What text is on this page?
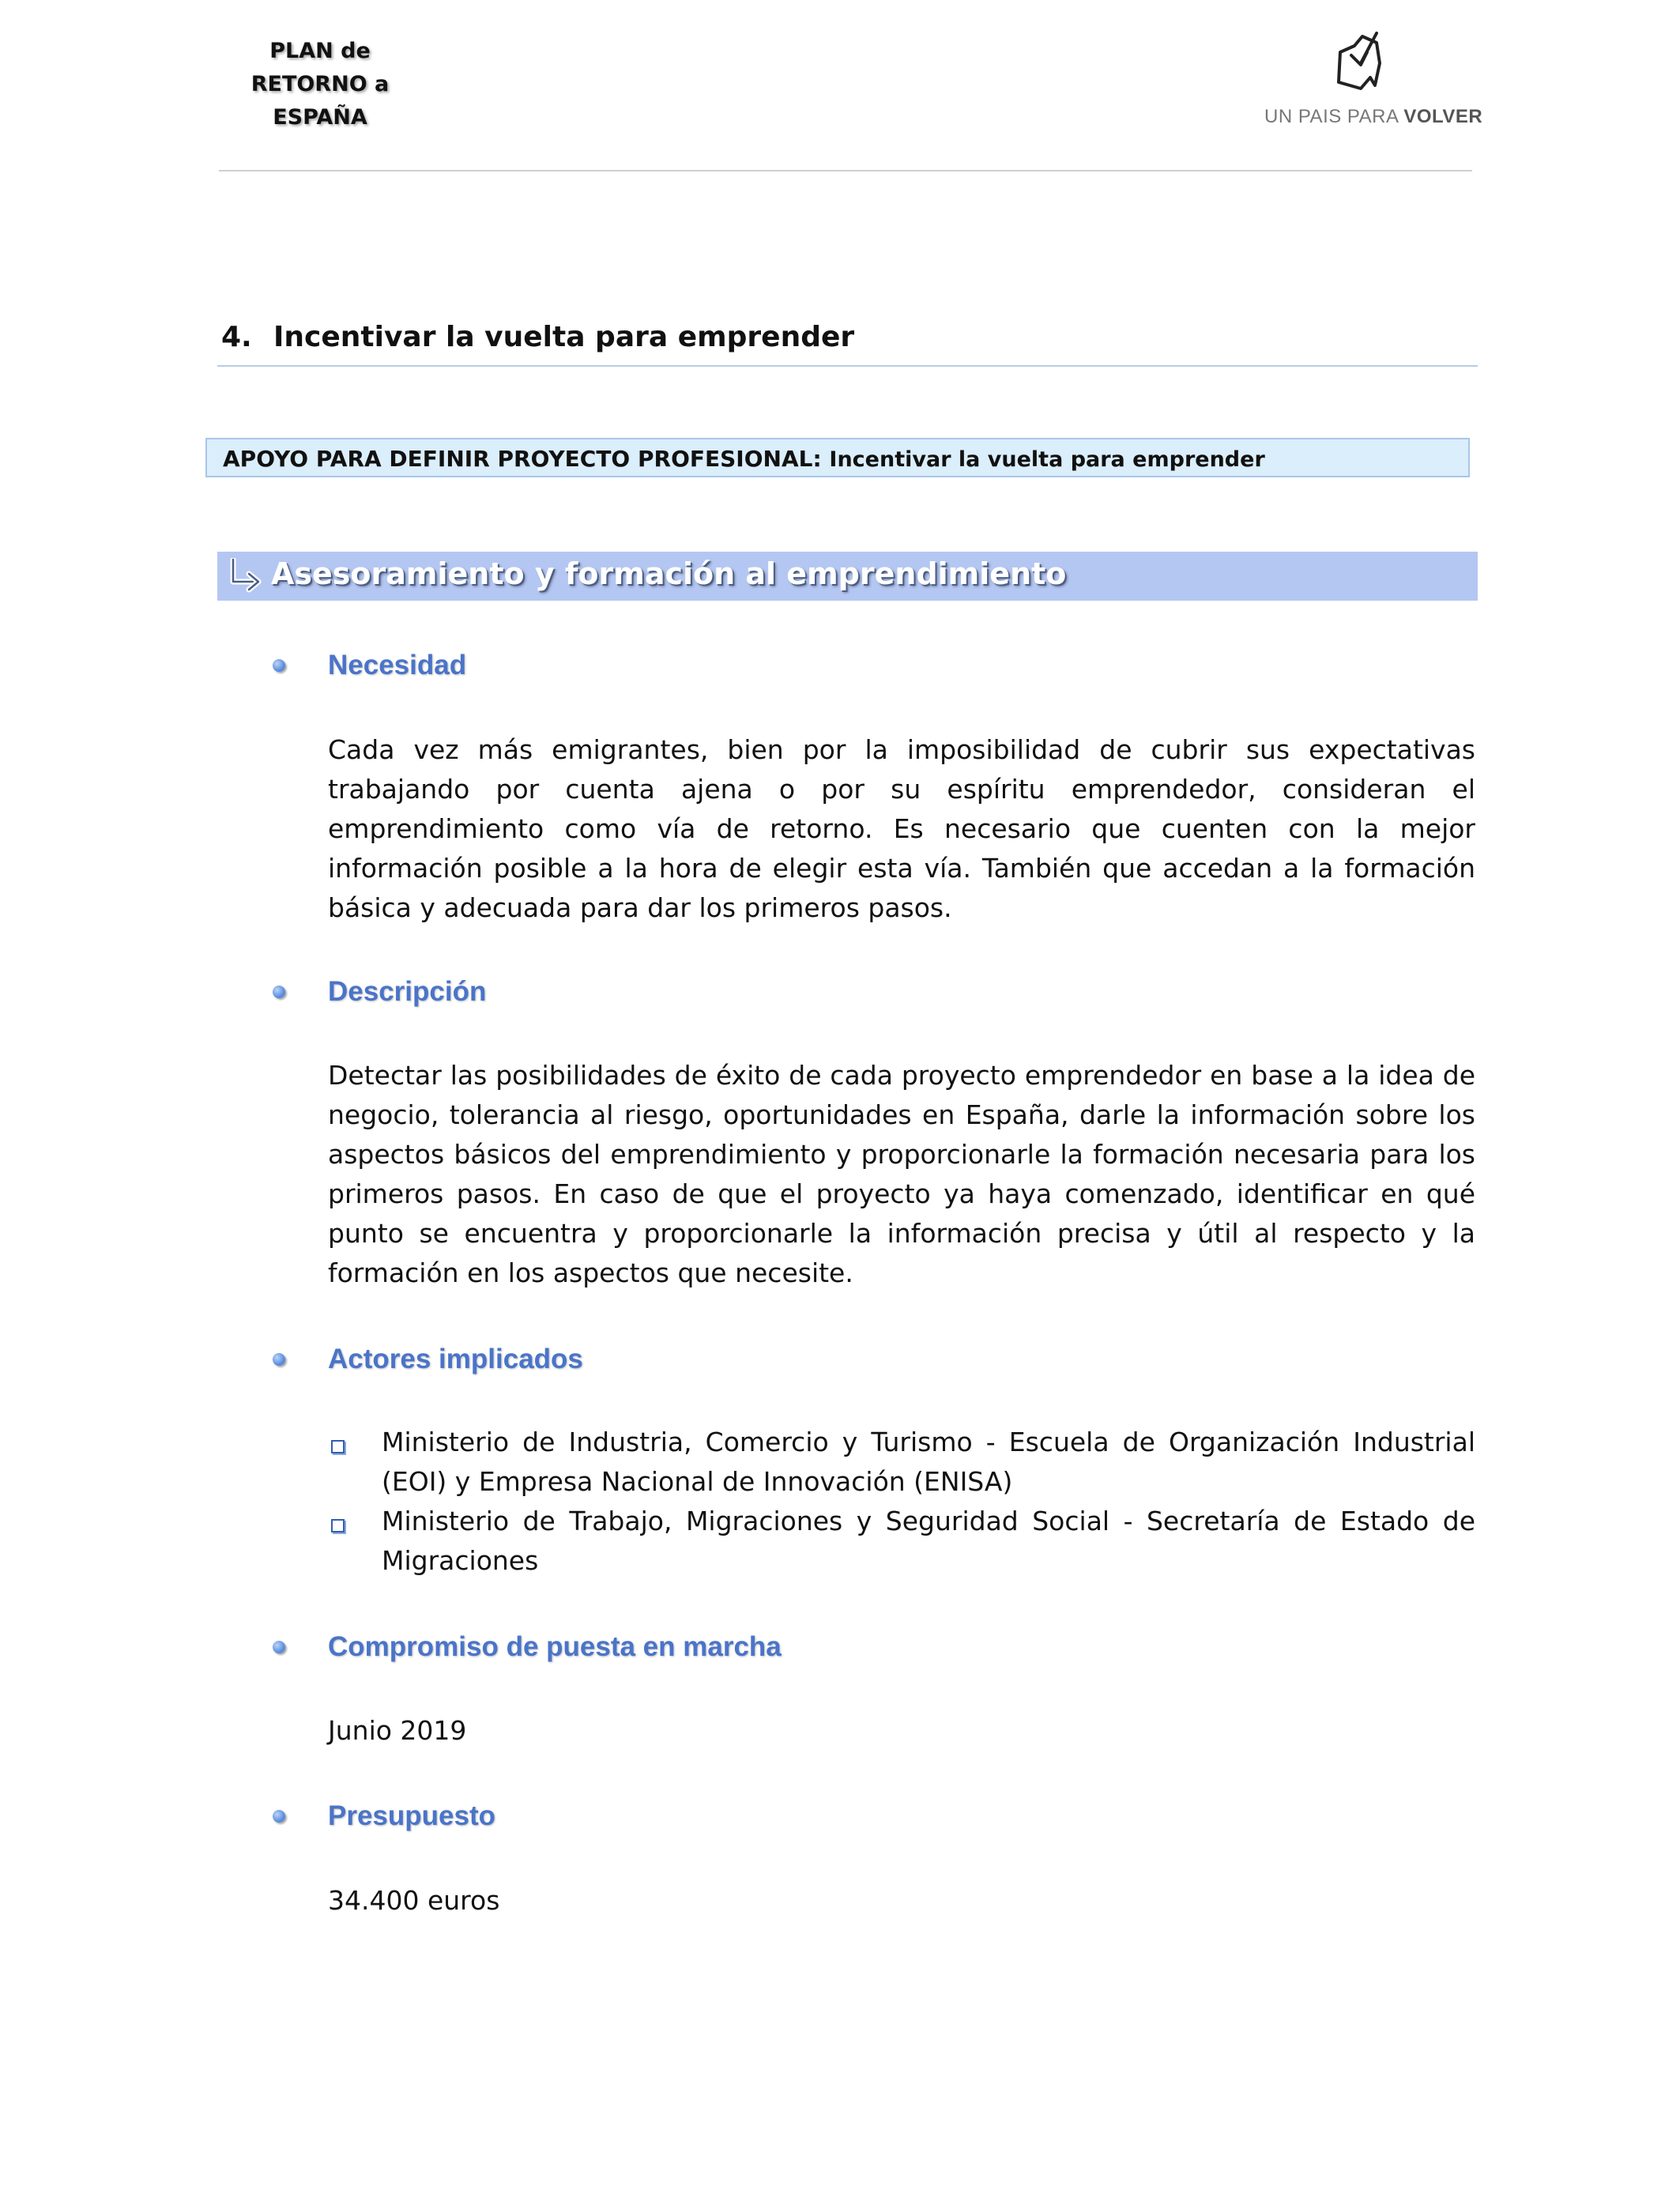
PLAN de
RETORNO a
ESPAÑA	UN PAIS PARA VOLVER
4. Incentivar la vuelta para emprender
APOYO PARA DEFINIR PROYECTO PROFESIONAL: Incentivar la vuelta para emprender
Asesoramiento y formación al emprendimiento
Necesidad
Cada vez más emigrantes, bien por la imposibilidad de cubrir sus expectativas trabajando por cuenta ajena o por su espíritu emprendedor, consideran el emprendimiento como vía de retorno. Es necesario que cuenten con la mejor información posible a la hora de elegir esta vía. También que accedan a la formación básica y adecuada para dar los primeros pasos.
Descripción
Detectar las posibilidades de éxito de cada proyecto emprendedor en base a la idea de negocio, tolerancia al riesgo, oportunidades en España, darle la información sobre los aspectos básicos del emprendimiento y proporcionarle la formación necesaria para los primeros pasos. En caso de que el proyecto ya haya comenzado, identificar en qué punto se encuentra y proporcionarle la información precisa y útil al respecto y la formación en los aspectos que necesite.
Actores implicados
Ministerio de Industria, Comercio y Turismo - Escuela de Organización Industrial (EOI) y Empresa Nacional de Innovación (ENISA)
Ministerio de Trabajo, Migraciones y Seguridad Social - Secretaría de Estado de Migraciones
Compromiso de puesta en marcha
Junio 2019
Presupuesto
34.400 euros
